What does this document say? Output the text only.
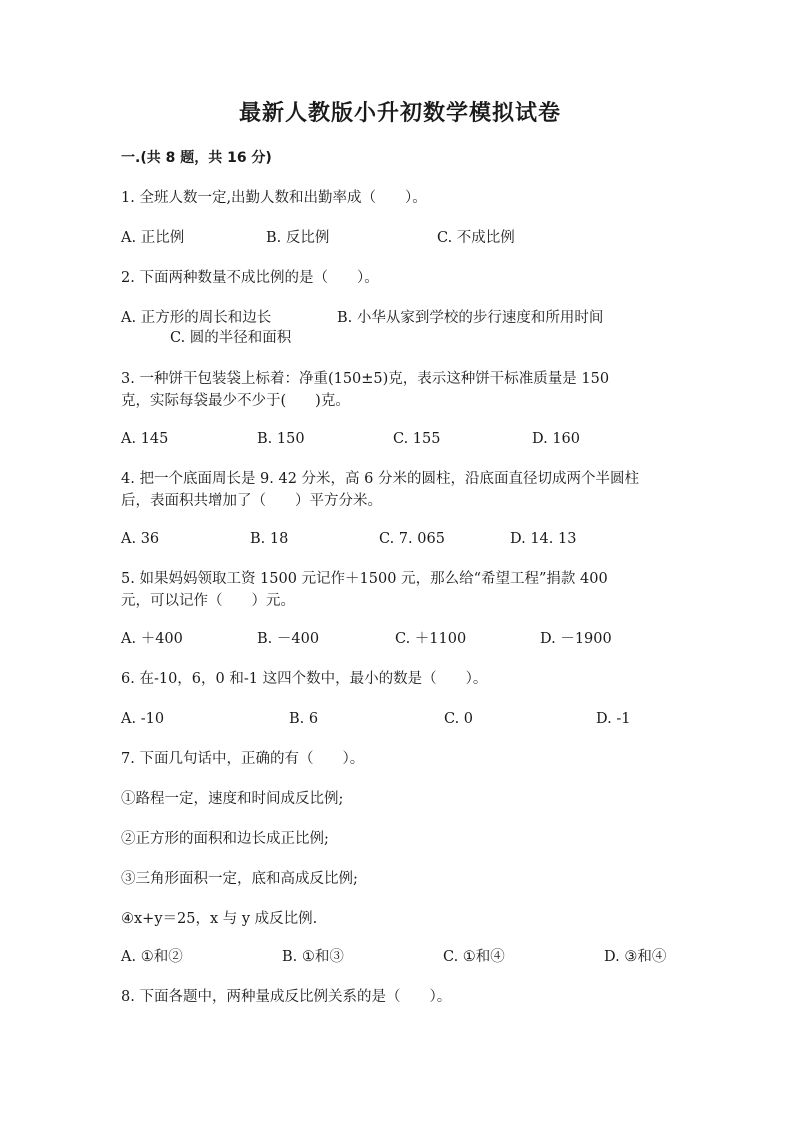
最新人教版小升初数学模拟试卷
一.(共 8 题，共 16 分)
1. 全班人数一定,出勤人数和出勤率成（　　）。
A. 正比例	B. 反比例	C. 不成比例
2. 下面两种数量不成比例的是（　　）。
A. 正方形的周长和边长	B. 小华从家到学校的步行速度和所用时间
C. 圆的半径和面积
3. 一种饼干包装袋上标着：净重(150±5)克，表示这种饼干标准质量是 150
克，实际每袋最少不少于(　　)克。
A. 145	B. 150	C. 155	D. 160
4. 把一个底面周长是 9. 42 分米，高 6 分米的圆柱，沿底面直径切成两个半圆柱
后，表面积共增加了（　　）平方分米。
A. 36	B. 18	C. 7. 065	D. 14. 13
5. 如果妈妈领取工资 1500 元记作＋1500 元，那么给“希望工程”捐款 400
元，可以记作（　　）元。
A. ＋400	B. －400	C. ＋1100	D. －1900
6. 在-10，6，0 和-1 这四个数中，最小的数是（　　）。
A. -10	B. 6	C. 0	D. -1
7. 下面几句话中，正确的有（　　）。
①路程一定，速度和时间成反比例;
②正方形的面积和边长成正比例;
③三角形面积一定，底和高成反比例;
④x+y＝25，x 与 y 成反比例.
A. ①和②	B. ①和③	C. ①和④	D. ③和④
8. 下面各题中，两种量成反比例关系的是（　　）。
